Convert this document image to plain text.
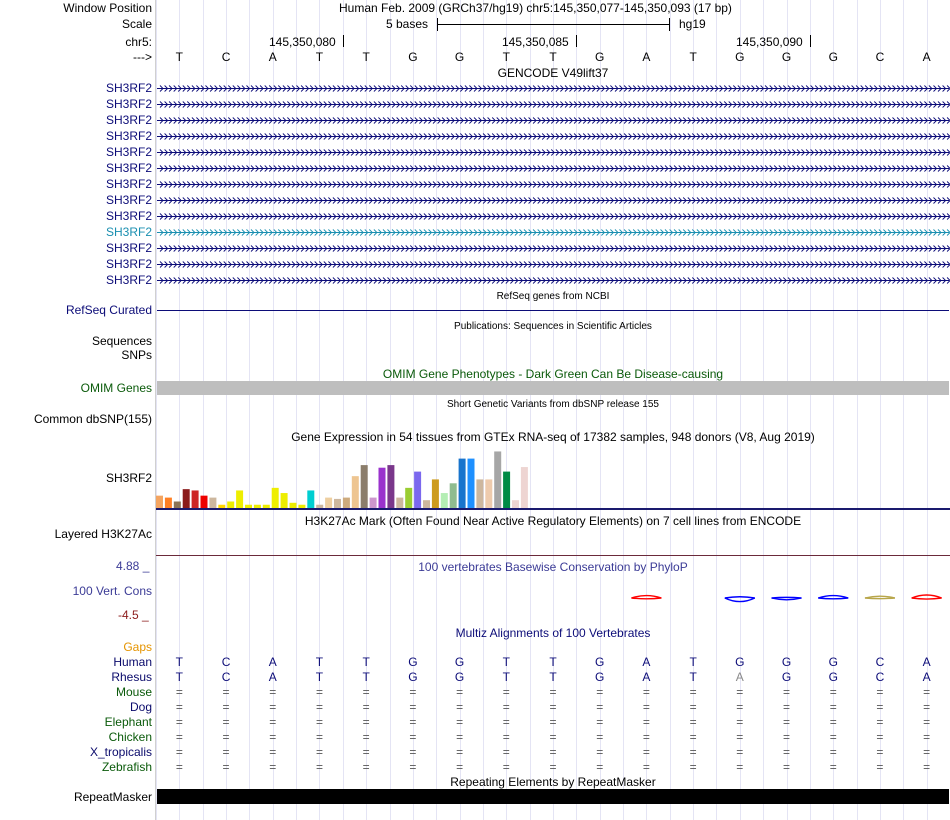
Window Position	Human Feb. 2009 (GRCh37/hg19) chr5:145,350,077-145,350,093 (17 bp)
Scale	5 bases	hg19
chr5:	145,350,080	145,350,085	145,350,090
--->	T	C	A	T	T	G	G	T	T	G	A	T	G	G	G	C	A
GENCODE V49lift37
SH3RF2
SH3RF2
SH3RF2
SH3RF2
SH3RF2
SH3RF2
SH3RF2
SH3RF2
SH3RF2
SH3RF2
SH3RF2
SH3RF2
SH3RF2
RefSeq genes from NCBI
RefSeq Curated
Publications: Sequences in Scientific Articles
Sequences
SNPs
OMIM Gene Phenotypes - Dark Green Can Be Disease-causing
OMIM Genes
Short Genetic Variants from dbSNP release 155
Common dbSNP(155)
Gene Expression in 54 tissues from GTEx RNA-seq of 17382 samples, 948 donors (V8, Aug 2019)
SH3RF2
H3K27Ac Mark (Often Found Near Active Regulatory Elements) on 7 cell lines from ENCODE
Layered H3K27Ac
4.88 _	100 vertebrates Basewise Conservation by PhyloP
100 Vert. Cons
-4.5 _
Multiz Alignments of 100 Vertebrates
Gaps
Human	T	C	A	T	T	G	G	T	T	G	A	T	G	G	G	C	A
Rhesus	T	C	A	T	T	G	G	T	T	G	A	T	A	G	G	C	A
Mouse	=	=	=	=	=	=	=	=	=	=	=	=	=	=	=	=	=
Dog	=	=	=	=	=	=	=	=	=	=	=	=	=	=	=	=	=
Elephant	=	=	=	=	=	=	=	=	=	=	=	=	=	=	=	=	=
Chicken	=	=	=	=	=	=	=	=	=	=	=	=	=	=	=	=	=
X_tropicalis	=	=	=	=	=	=	=	=	=	=	=	=	=	=	=	=	=
Zebrafish	=	=	=	=	=	=	=	=	=	=	=	=	=	=	=	=	=
Repeating Elements by RepeatMasker
RepeatMasker
